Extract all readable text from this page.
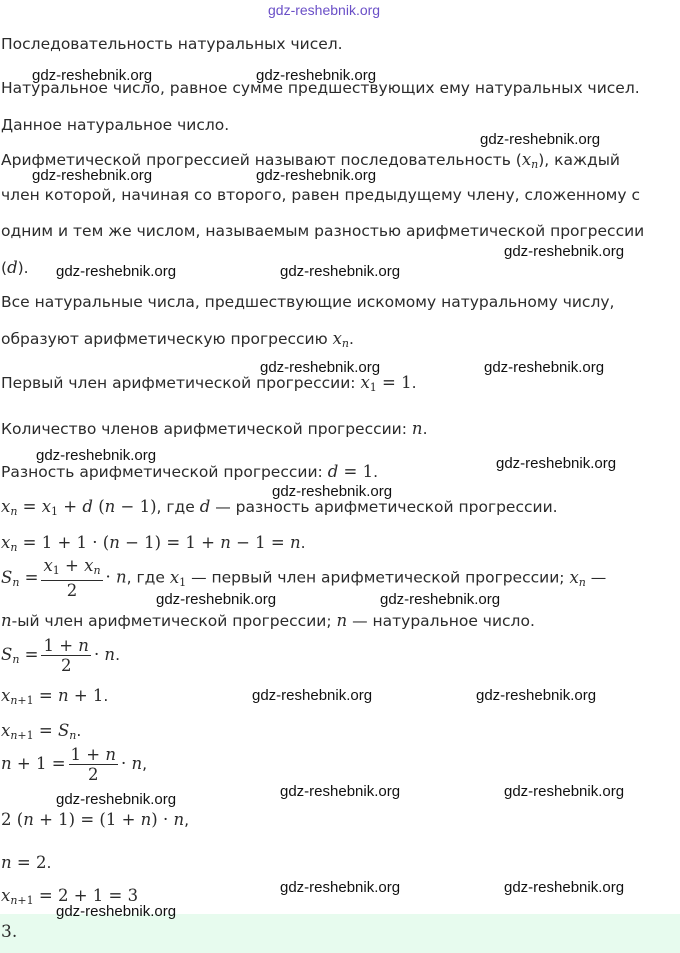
gdz-reshebnik.org
gdz-reshebnik.org	gdz-reshebnik.org
gdz-reshebnik.org
gdz-reshebnik.org	gdz-reshebnik.org
gdz-reshebnik.org
gdz-reshebnik.org	gdz-reshebnik.org
gdz-reshebnik.org	gdz-reshebnik.org
gdz-reshebnik.org	gdz-reshebnik.org
gdz-reshebnik.org
gdz-reshebnik.org	gdz-reshebnik.org
gdz-reshebnik.org	gdz-reshebnik.org
gdz-reshebnik.org	gdz-reshebnik.org	gdz-reshebnik.org
gdz-reshebnik.org	gdz-reshebnik.org
gdz-reshebnik.org
Последовательность натуральных чисел.
Натуральное число, равное сумме предшествующих ему натуральных чисел.
Данное натуральное число.
Арифметической прогрессией называют последовательность $(x_n)$, каждый
член которой, начиная со второго, равен предыдущему члену, сложенному с
одним и тем же числом, называемым разностью арифметической прогрессии
(d).
Все натуральные числа, предшествующие искомому натуральному числу,
образуют арифметическую прогрессию $x_n$.
Первый член арифметической прогрессии: $x_1 = 1$.
Количество членов арифметической прогрессии: n.
Разность арифметической прогрессии: d = 1.
$x_n = x_1 + d$ (n − 1), где d — разность арифметической прогрессии.
$x_n = 1 + 1 \cdot (n - 1) = 1 + n - 1 = n$.
$S_n = \frac{x_1 + x_n}{2} \cdot n$, где $x_1$ — первый член арифметической прогрессии; $x_n$ —
n-ый член арифметической прогрессии; n — натуральное число.
$S_n = \frac{1 + n}{2} \cdot n$.
$x_{n+1} = n + 1$.
$x_{n+1} = S_n$.
$n + 1 = \frac{1 + n}{2} \cdot n$,
2 (n + 1) = (1 + n) · n,
n = 2.
$x_{n+1} = 2 + 1 = 3$
3.
